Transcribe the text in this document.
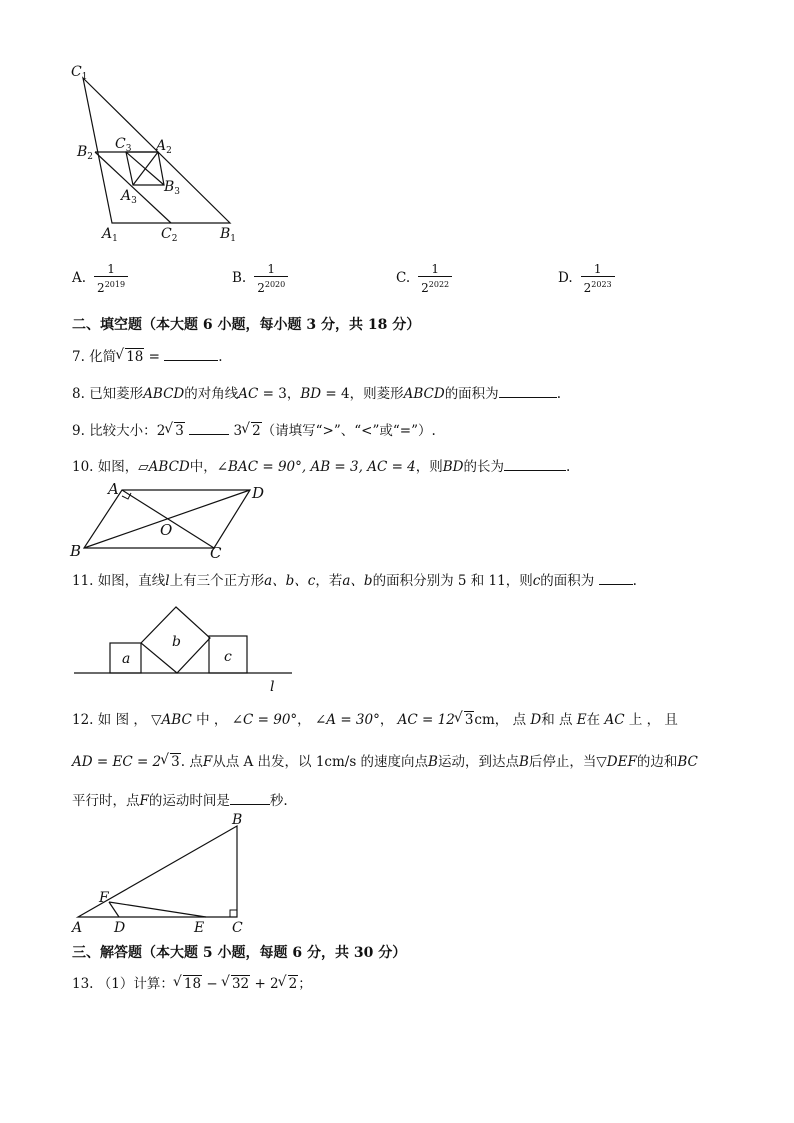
$C_1$
$B_2$
$C_3$ $A_2$
$B_3$
$A_3$
$A_1$	$C_2$	$B_1$
A. $\frac{1}{2^{2019}}$	B. $\frac{1}{2^{2020}}$	C. $\frac{1}{2^{2022}}$	D. $\frac{1}{2^{2023}}$
二、填空题（本大题 6 小题，每小题 3 分，共 18 分）
7. 化简 √ 18 =	.
8. 已知菱形ABCD的对角线AC = 3，BD = 4，则菱形ABCD的面积为	.
9. 比较大小：2 √ 3	3 √ 2（请填写“>”、“<”或“=”）.
10. 如图，▱ABCD中，∠BAC = 90°, AB = 3, AC = 4，则BD的长为	.
A	D
O
B	C
11. 如图，直线l上有三个正方形a、b、c，若a、b的面积分别为 5 和 11，则c的面积为	.
a
b
c
l
12. 如 图 ， ▽ABC 中 ， ∠C = 90°， ∠A = 30°， AC = 12 √ 3cm， 点 D和 点 E在 AC 上 ， 且
AD = EC = 2 √ 3. 点F从点 A 出发，以 1cm/s 的速度向点B运动，到达点B后停止，当▽DEF的边和BC
平行时，点F的运动时间是	秒.
B
F
A D	E C
三、解答题（本大题 5 小题，每题 6 分，共 30 分）
13. （1）计算： √ 18 − √ 32 + 2 √ 2；
